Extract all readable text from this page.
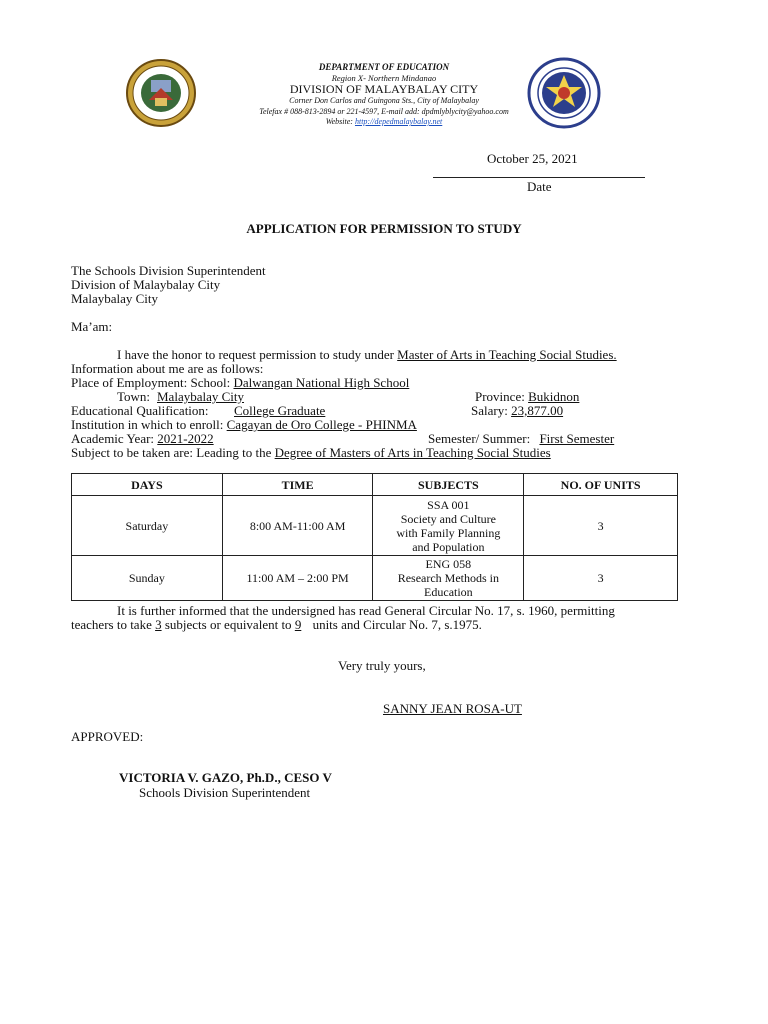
DEPARTMENT OF EDUCATION
Region X- Northern Mindanao
DIVISION OF MALAYBALAY CITY
Corner Don Carlos and Guingona Sts., City of Malaybalay
Telefax # 088-813-2894 or 221-4597, E-mail add: dpdmlyblycity@yahoo.com
Website: http://depedmalaybalay.net
October 25, 2021
Date
APPLICATION FOR PERMISSION TO STUDY
The Schools Division Superintendent
Division of Malaybalay City
Malaybalay City
Ma’am:
I have the honor to request permission to study under Master of Arts in Teaching Social Studies.
Information about me are as follows:
Place of Employment: School: Dalwangan National High School
Town: Malaybalay City	Province: Bukidnon
Educational Qualification: College Graduate	Salary: 23,877.00
Institution in which to enroll: Cagayan de Oro College - PHINMA
Academic Year: 2021-2022	Semester/ Summer: First Semester
Subject to be taken are: Leading to the Degree of Masters of Arts in Teaching Social Studies
DAYS	TIME	SUBJECTS	NO. OF UNITS
Saturday	8:00 AM-11:00 AM	SSA 001
Society and Culture
with Family Planning
and Population	3
Sunday	11:00 AM – 2:00 PM	ENG 058
Research Methods in
Education	3
It is further informed that the undersigned has read General Circular No. 17, s. 1960, permitting
teachers to take 3 subjects or equivalent to 9 units and Circular No. 7, s.1975.
Very truly yours,
SANNY JEAN ROSA-UT
APPROVED:
VICTORIA V. GAZO, Ph.D., CESO V
Schools Division Superintendent
